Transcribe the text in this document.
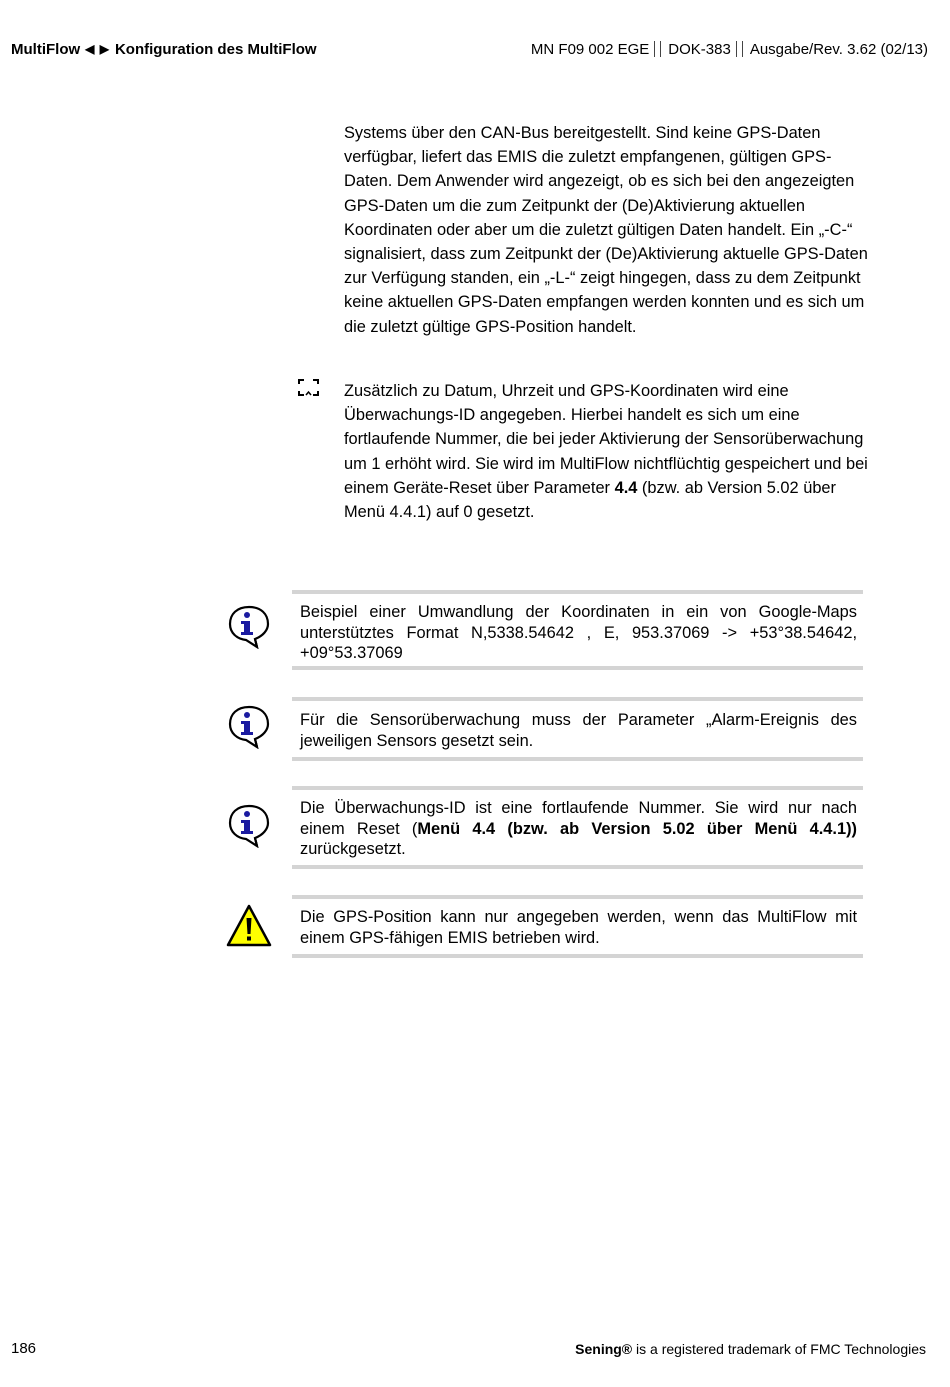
MultiFlow ◀ ▶ Konfiguration des MultiFlow	MN F09 002 EGE DOK-383 Ausgabe/Rev. 3.62 (02/13)
Systems über den CAN-Bus bereitgestellt. Sind keine GPS-Daten verfügbar, liefert das EMIS die zuletzt empfangenen, gültigen GPS-Daten. Dem Anwender wird angezeigt, ob es sich bei den angezeigten GPS-Daten um die zum Zeitpunkt der (De)Aktivierung aktuellen Koordinaten oder aber um die zuletzt gültigen Daten handelt. Ein „-C-“ signalisiert, dass zum Zeitpunkt der (De)Aktivierung aktuelle GPS-Daten zur Verfügung standen, ein „-L-“ zeigt hingegen, dass zu dem Zeitpunkt keine aktuellen GPS-Daten empfangen werden konnten und es sich um die zuletzt gültige GPS-Position handelt.
Zusätzlich zu Datum, Uhrzeit und GPS-Koordinaten wird eine Überwachungs-ID angegeben. Hierbei handelt es sich um eine fortlaufende Nummer, die bei jeder Aktivierung der Sensorüberwachung um 1 erhöht wird. Sie wird im MultiFlow nichtflüchtig gespeichert und bei einem Geräte-Reset über Parameter 4.4 (bzw. ab Version 5.02 über Menü 4.4.1) auf 0 gesetzt.
Beispiel einer Umwandlung der Koordinaten in ein von Google-Maps unterstütztes Format N,5338.54642 , E, 953.37069 -> +53°38.54642, +09°53.37069
Für die Sensorüberwachung muss der Parameter „Alarm-Ereignis des jeweiligen Sensors gesetzt sein.
Die Überwachungs-ID ist eine fortlaufende Nummer. Sie wird nur nach einem Reset (Menü 4.4 (bzw. ab Version 5.02 über Menü 4.4.1)) zurückgesetzt.
Die GPS-Position kann nur angegeben werden, wenn das MultiFlow mit einem GPS-fähigen EMIS betrieben wird.
186	Sening® is a registered trademark of FMC Technologies
